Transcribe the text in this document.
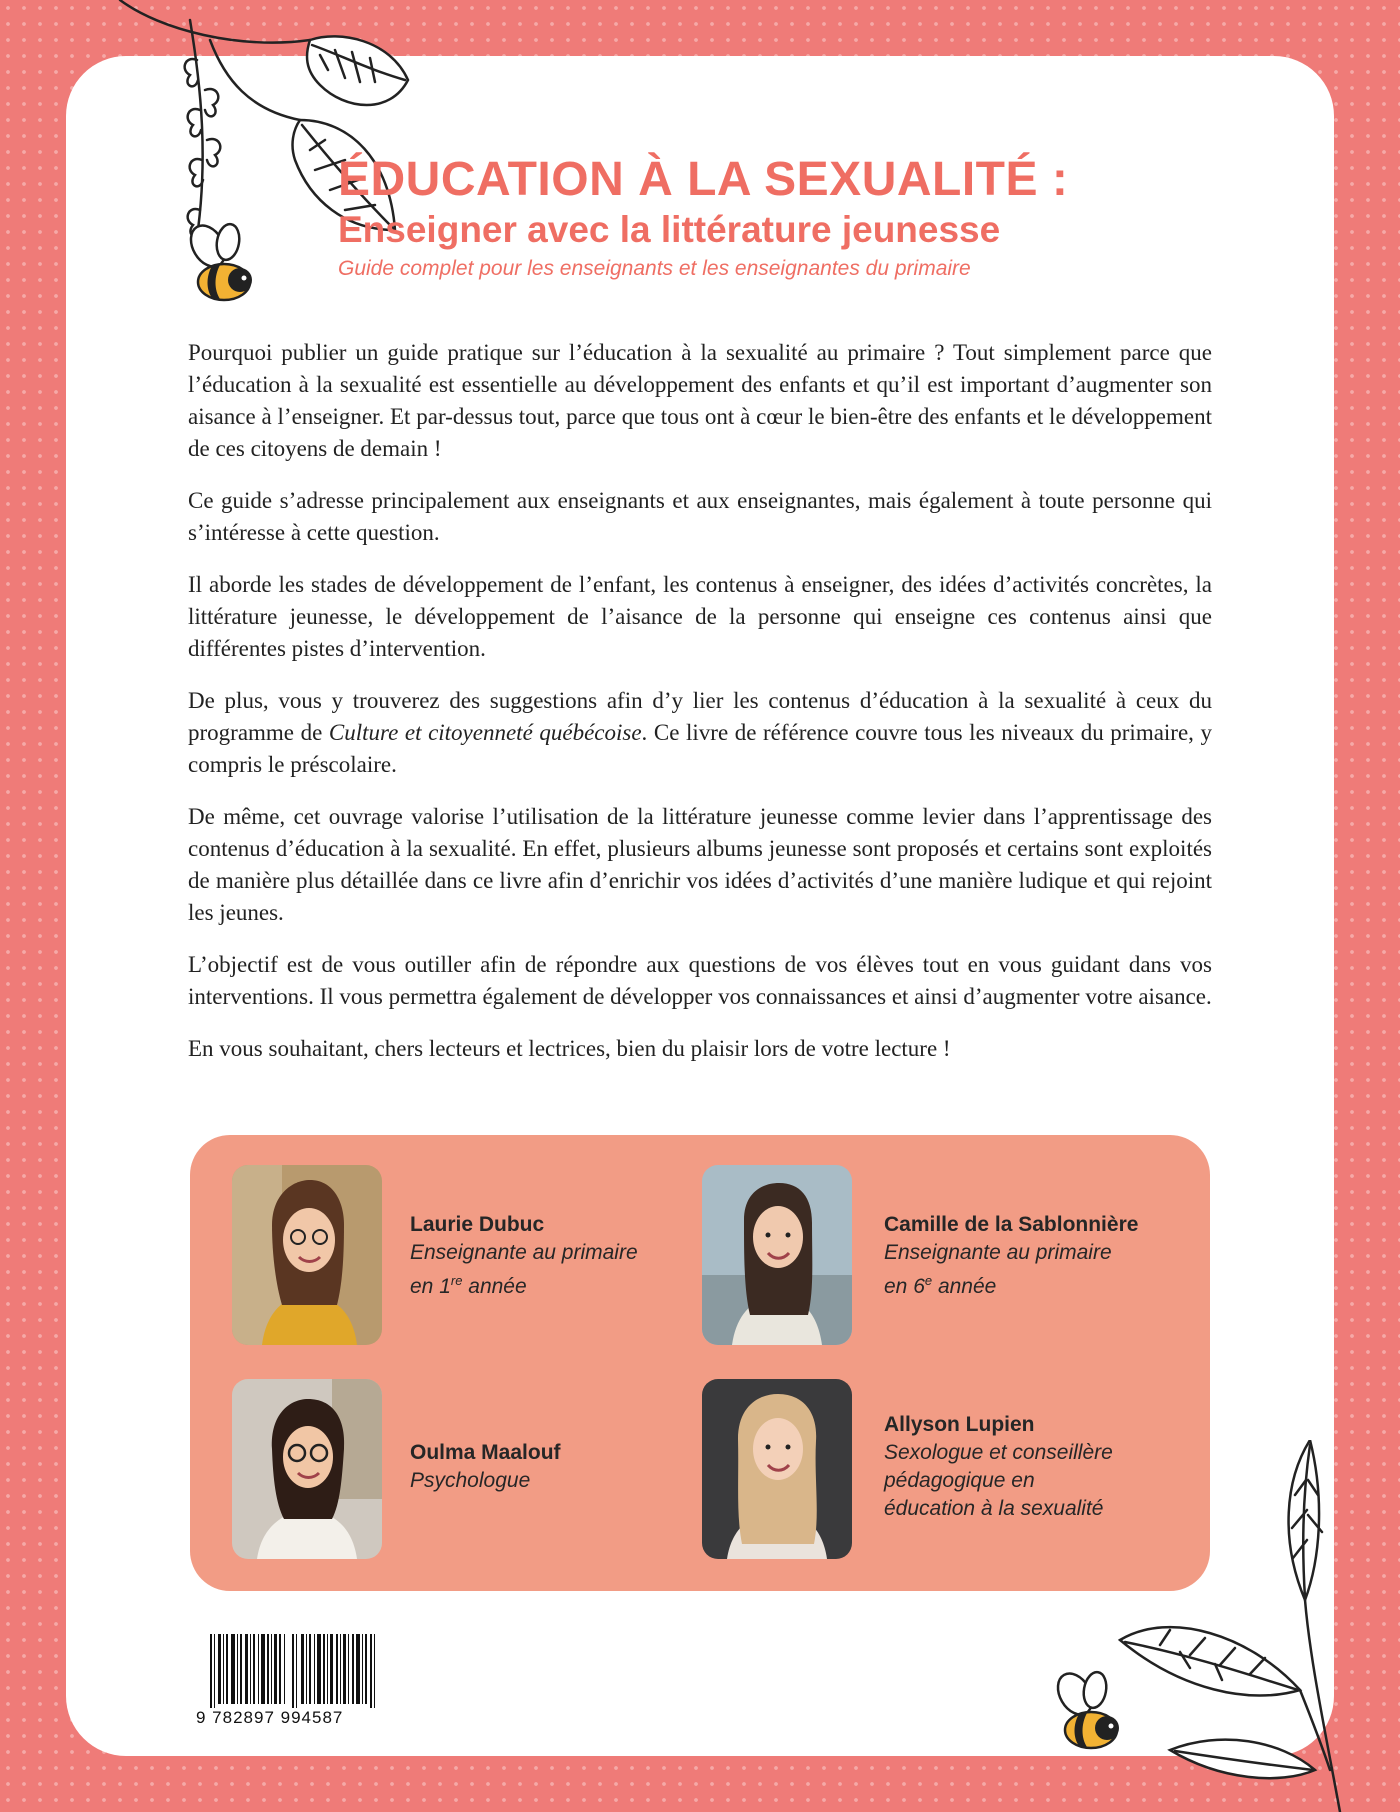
ÉDUCATION À LA SEXUALITÉ :
Enseigner avec la littérature jeunesse
Guide complet pour les enseignants et les enseignantes du primaire

Pourquoi publier un guide pratique sur l’éducation à la sexualité au primaire ? Tout simplement parce que l’éducation à la sexualité est essentielle au développement des enfants et qu’il est important d’augmenter son aisance à l’enseigner. Et par-dessus tout, parce que tous ont à cœur le bien-être des enfants et le développement de ces citoyens de demain !

Ce guide s’adresse principalement aux enseignants et aux enseignantes, mais également à toute personne qui s’intéresse à cette question.

Il aborde les stades de développement de l’enfant, les contenus à enseigner, des idées d’activités concrètes, la littérature jeunesse, le développement de l’aisance de la personne qui enseigne ces contenus ainsi que différentes pistes d’intervention.

De plus, vous y trouverez des suggestions afin d’y lier les contenus d’éducation à la sexualité à ceux du programme de Culture et citoyenneté québécoise. Ce livre de référence couvre tous les niveaux du primaire, y compris le préscolaire.

De même, cet ouvrage valorise l’utilisation de la littérature jeunesse comme levier dans l’apprentissage des contenus d’éducation à la sexualité. En effet, plusieurs albums jeunesse sont proposés et certains sont exploités de manière plus détaillée dans ce livre afin d’enrichir vos idées d’activités d’une manière ludique et qui rejoint les jeunes.

L’objectif est de vous outiller afin de répondre aux questions de vos élèves tout en vous guidant dans vos interventions. Il vous permettra également de développer vos connaissances et ainsi d’augmenter votre aisance.

En vous souhaitant, chers lecteurs et lectrices, bien du plaisir lors de votre lecture !

Laurie Dubuc
Enseignante au primaire
en 1re année
Camille de la Sablonnière
Enseignante au primaire
en 6e année
Oulma Maalouf
Psychologue
Allyson Lupien
Sexologue et conseillère
pédagogique en
éducation à la sexualité
9 782897 994587
